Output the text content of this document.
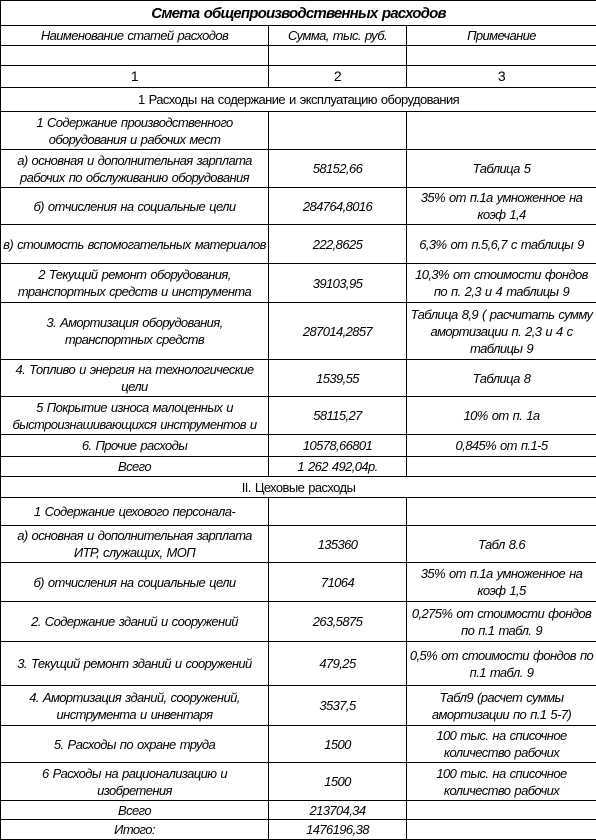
Смета общепроизводственных расходов		
Наименование статей расходов	Сумма, тыс. руб.	Примечание

1	2	3
1 Расходы на содержание и эксплуатацию оборудования		
1 Содержание производственного оборудования и рабочих мест		
а) основная и дополнительная зарплата рабочих по обслуживанию оборудования	58152,66	Таблица 5
б) отчисления на социальные цели	284764,8016	35% от п.1а умноженное на коэф 1,4
в) стоимость вспомогательных материалов	222,8625	6,3% от п.5,6,7 с таблицы 9
2 Текущий ремонт оборудования, транспортных средств и инструмента	39103,95	10,3% от стоимости фондов по п. 2,3 и 4 таблицы 9
3. Амортизация оборудования, транспортных средств	287014,2857	Таблица 8,9 ( расчитать сумму амортизации п. 2,3 и 4 с таблицы 9
4. Топливо и энергия на технологические цели	1539,55	Таблица 8
5 Покрытие износа малоценных и быстроизнашивающихся инструментов и	58115,27	10% от п. 1а
6. Прочие расходы	10578,66801	0,845% от п.1-5
Всего	1 262 492,04р.	
II. Цеховые расходы		
1 Содержание цехового персонала-		
а) основная и дополнительная зарплата ИТР, служащих, МОП	135360	Табл 8.6
б) отчисления на социальные цели	71064	35% от п.1а умноженное на коэф 1,5
2. Содержание зданий и сооружений	263,5875	0,275% от стоимости фондов по п.1 табл. 9
3. Текущий ремонт зданий и сооружений	479,25	0,5% от стоимости фондов по п.1 табл. 9
4. Амортизация зданий, сооружений, инструмента и инвентаря	3537,5	Табл9 (расчет суммы амортизации по п.1 5-7)
5. Расходы по охране труда	1500	100 тыс. на списочное количество рабочих
6 Расходы на рационализацию и изобретения	1500	100 тыс. на списочное количество рабочих
Всего	213704,34	
Итого:	1476196,38	
